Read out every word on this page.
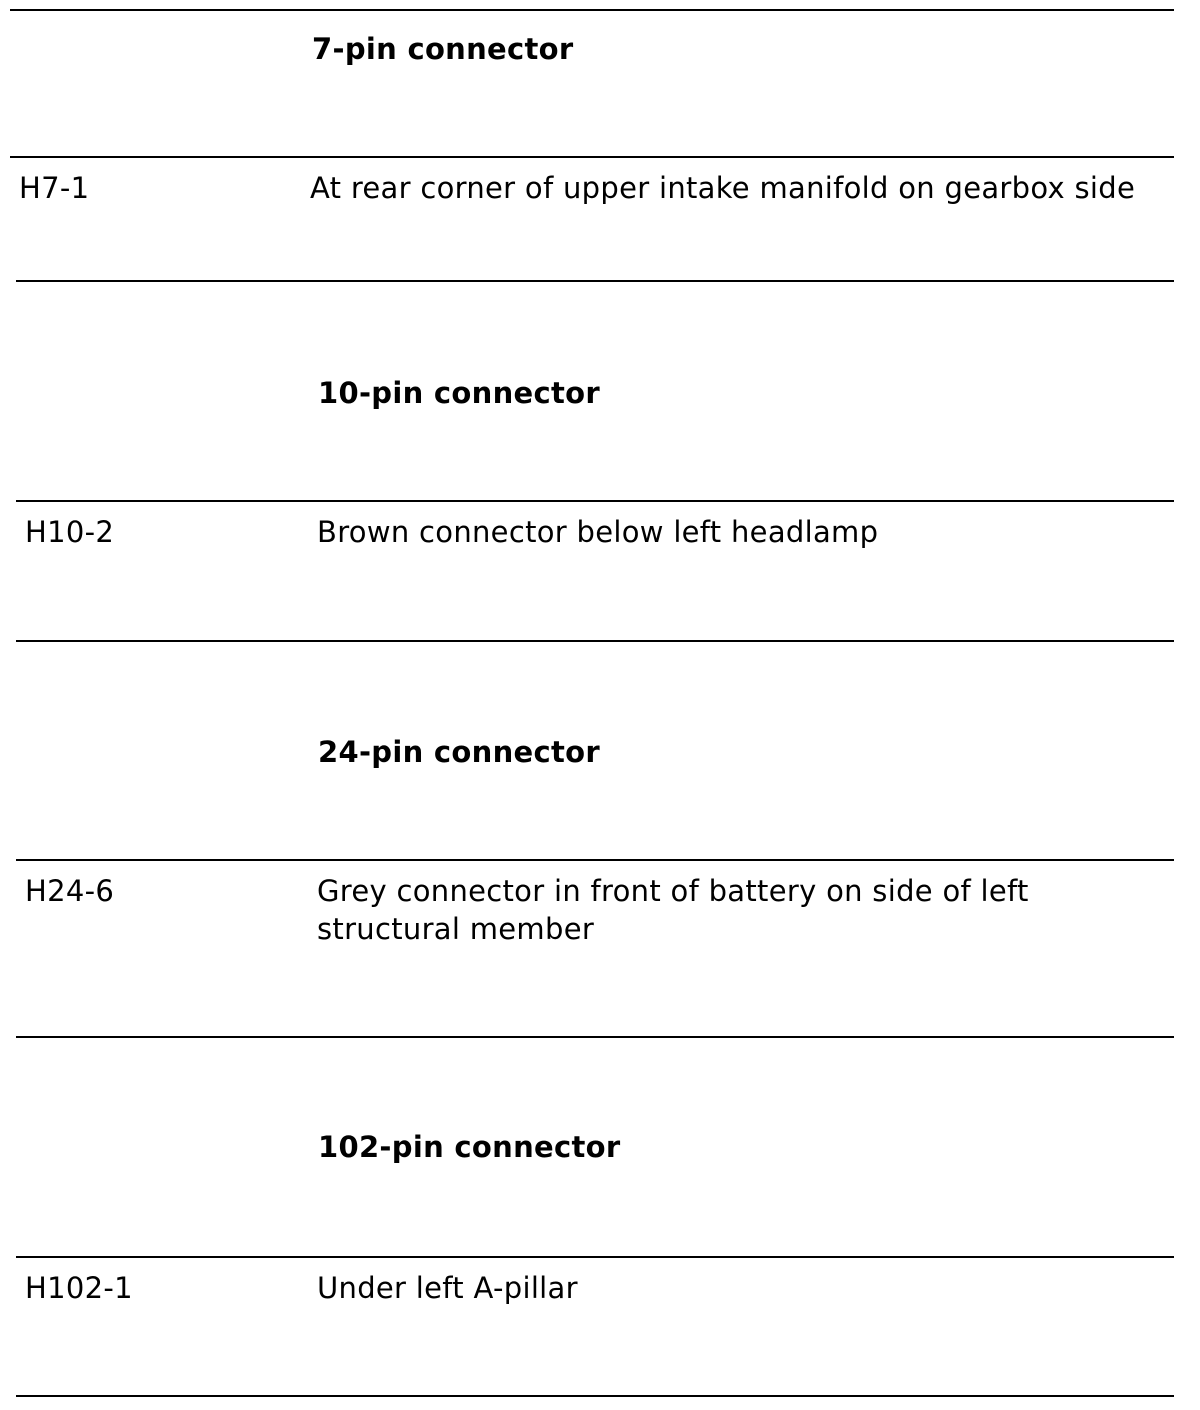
7-pin connector
H7-1	At rear corner of upper intake manifold on gearbox side
10-pin connector
H10-2	Brown connector below left headlamp
24-pin connector
H24-6	Grey connector in front of battery on side of left
structural member
102-pin connector
H102-1	Under left A-pillar
